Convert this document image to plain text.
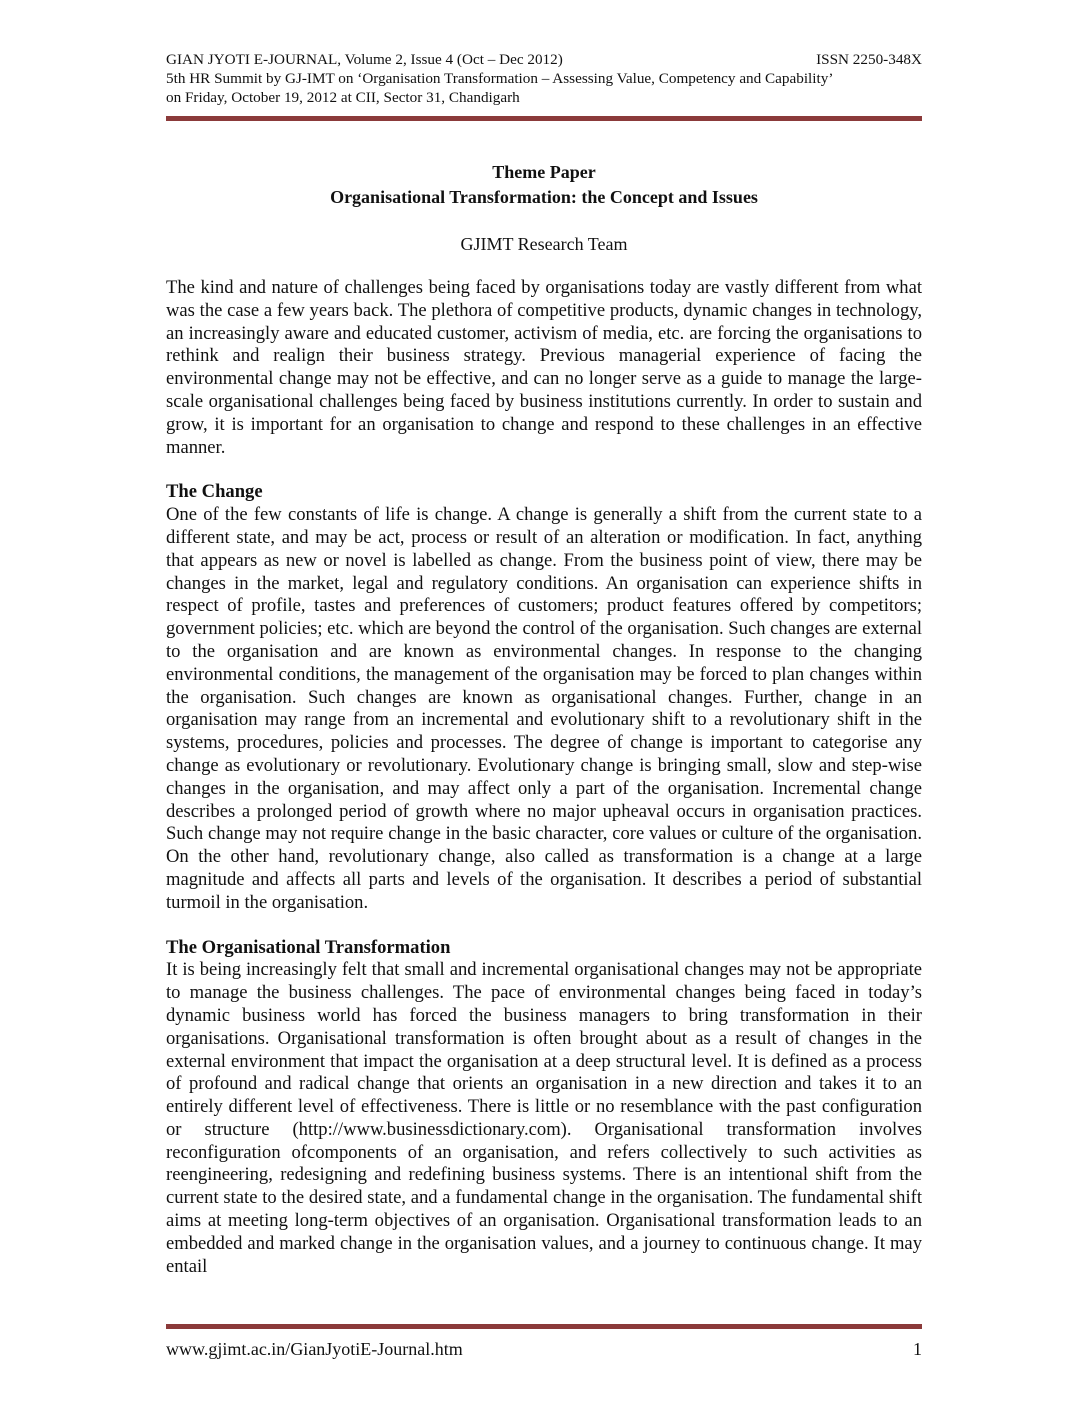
GIAN JYOTI E-JOURNAL, Volume 2, Issue 4 (Oct – Dec 2012)	ISSN 2250-348X
5th HR Summit by GJ-IMT on ‘Organisation Transformation – Assessing Value, Competency and Capability’
on Friday, October 19, 2012 at CII, Sector 31, Chandigarh
Theme Paper
Organisational Transformation: the Concept and Issues
GJIMT Research Team

The kind and nature of challenges being faced by organisations today are vastly different from what was the case a few years back. The plethora of competitive products, dynamic changes in technology, an increasingly aware and educated customer, activism of media, etc. are forcing the organisations to rethink and realign their business strategy. Previous managerial experience of facing the environmental change may not be effective, and can no longer serve as a guide to manage the large-scale organisational challenges being faced by business institutions currently. In order to sustain and grow, it is important for an organisation to change and respond to these challenges in an effective manner.

The Change

One of the few constants of life is change. A change is generally a shift from the current state to a different state, and may be act, process or result of an alteration or modification. In fact, anything that appears as new or novel is labelled as change. From the business point of view, there may be changes in the market, legal and regulatory conditions. An organisation can experience shifts in respect of profile, tastes and preferences of customers; product features offered by competitors; government policies; etc. which are beyond the control of the organisation. Such changes are external to the organisation and are known as environmental changes. In response to the changing environmental conditions, the management of the organisation may be forced to plan changes within the organisation. Such changes are known as organisational changes. Further, change in an organisation may range from an incremental and evolutionary shift to a revolutionary shift in the systems, procedures, policies and processes. The degree of change is important to categorise any change as evolutionary or revolutionary. Evolutionary change is bringing small, slow and step-wise changes in the organisation, and may affect only a part of the organisation. Incremental change describes a prolonged period of growth where no major upheaval occurs in organisation practices. Such change may not require change in the basic character, core values or culture of the organisation. On the other hand, revolutionary change, also called as transformation is a change at a large magnitude and affects all parts and levels of the organisation. It describes a period of substantial turmoil in the organisation.

The Organisational Transformation

It is being increasingly felt that small and incremental organisational changes may not be appropriate to manage the business challenges. The pace of environmental changes being faced in today’s dynamic business world has forced the business managers to bring transformation in their organisations. Organisational transformation is often brought about as a result of changes in the external environment that impact the organisation at a deep structural level. It is defined as a process of profound and radical change that orients an organisation in a new direction and takes it to an entirely different level of effectiveness. There is little or no resemblance with the past configuration or structure (http://www.businessdictionary.com). Organisational transformation involves reconfiguration ofcomponents of an organisation, and refers collectively to such activities as reengineering, redesigning and redefining business systems. There is an intentional shift from the current state to the desired state, and a fundamental change in the organisation. The fundamental shift aims at meeting long-term objectives of an organisation. Organisational transformation leads to an embedded and marked change in the organisation values, and a journey to continuous change. It may entail

www.gjimt.ac.in/GianJyotiE-Journal.htm	1
